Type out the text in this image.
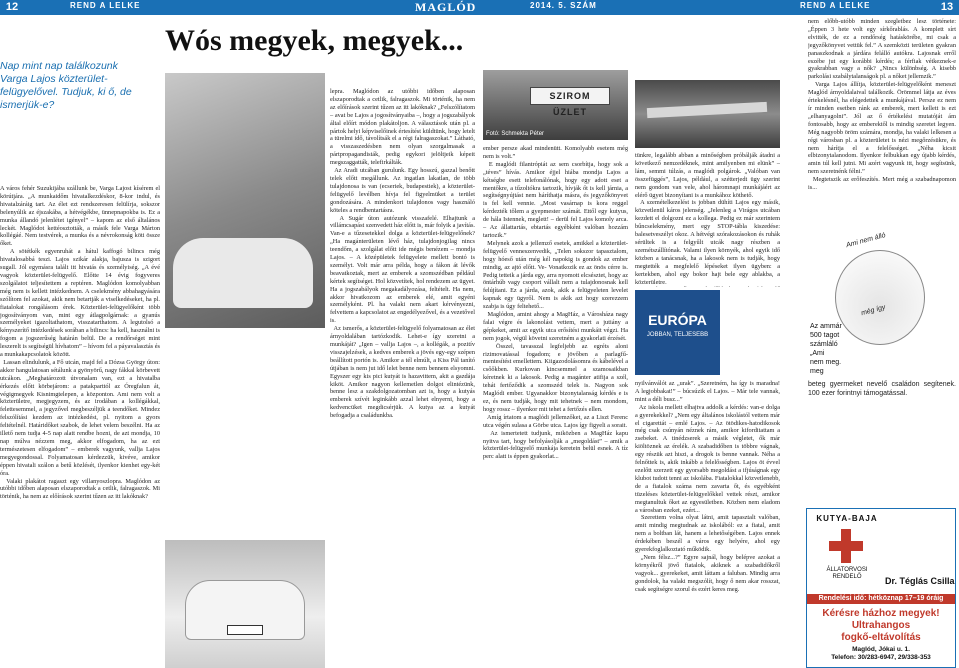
REND A LELKE	2014. 5. SZÁM	REND A LELKE
12	13
MAGLÓD
Wós megyek, megyek...
Nap mint nap találkozunk Varga Lajos közterület-felügyelővel. Tudjuk, ki ő, de ismerjük-e?
A város fehér Suzukijába szállunk be, Varga Lajost kísérem el körútjára. „A munkaidőm hivatalkezdéskor, 8-kor indul, és hivatalzáráig tart. Az élet ezt rendszeresen felülírja, sokszor belenyúlik az éjszakába, a hétvégékbe, ünnepnapokba is. Ez a munka állandó jelenlétet igényel” – kapom az első általános leckét. Maglódot kettéosztották, a másik fele Varga Márton kollégáé. Nem testvérek, a munka és a névrokonság köti össze őket.
A sötétkék egyenruhát a hátul kaffogó bilincs még hivatalosabbá teszi. Lajos szikár alakja, bajusza is szigort sugall. Jól egymásra talált itt hivatás és személyiség. „A évé vagyok közterület-felügyelő. Előtte 14 évig fogyveres szolgálatot teljesítettem a reptéren. Maglódon komolyabban még nem is kellett intézkednem. A cselekmény abbahagyására szólítom fel azokat, akik nem betartják a viselkedéseket, ha pl. fiatalokat rongálásom érek. Közterület-felügyelőként több jogosítványom van, mint egy átlagpolgárnak: a gyanús személyeket igazoltathatom, visszatarthatom. A legutolsó a kényszerítő intézkedések sorában a bilincs: ha kell, használni is fogom a jogszerűség határán belül. De a rendőrséget mint leszerelt is segítségül hívhatom” – hívom fel a páyavalasztás és a munkakapcsolatok között.
Lassan elindulunk, a Fő utcán, majd fel a Dózsa György úton: akkor hangulatosan sétálunk a gyönyörű, nagy fákkal körbevett utcákon. „Meghatározott útvonalam van, ezt a hivatalba érkezés előtt körbejárom: a patakparttól az Óregfalun át, végigmegyek Kisnimgtelepen, a központon. Ami nem volt a közterületre, megjegyzem, és az irodában a kollégákkal, felettesemmel, a jegyzővel megbeszéljük a teendőket. Mindez felszólítási kezdem az intézkedést, pl. nyitom a gyors feltételnél. Határidőket szabok, de lehet velem beszélni. Ha az illető nem tudja 4-5 nap alatt rendbe hozni, de azt mondja, 10 nap múlva nézzem meg, akkor elfogadom, ha az ezt természetesen elfogadom” – emberek vagyunk, vallja Lajos megyegondossal. Folyamatosan kérdezzük, kivéve, amikor éppen hivatali szálon a betű közlését, ilyenkor kienhet egy-két óra.
Valaki plakátot ragaszt egy villanyoszlopra. Maglódon az utóbbi időben alaposan elszaporodtak a cetlik, falragaszok. Mi történik, ha nem az előírások szerint tűzen az itt lakóknak?
lepra. Maglódon az utóbbi időben alaposan elszaporodtak a cetlik, falragaszok. Mi történik, ha nem az előírások szerint tűzen az itt lakóknak? „Felszólítatom – avat be Lajos a jogosítványaiba –, hogy a jogszabályok által előírt módon plakátoljon. A választások után pl. a pártok helyi képviselőinek értesítést küldtünk, hogy letelt a türelmi idő, távolítsák el a régi falragaszokat.” Látható, a visszaszedésben nem olyan szorgalmasak a pártpropagandisták, pedig egykori jelöltjeik képeit megszaggatták, telefirkálták.
Az Aradi utcában gurulunk. Egy hosszú, gazzal benőtt telek előtt megállunk. Az ingatlan lakatlan, de több tulajdonosa is van (ecseriek, budapestiek), a közterület-felügyelő levélben hívja fel figyelmüket a terület gondozására. A mindenkori tulajdonos vagy használó köteles a rendbentartásra.
A Sugár úton autózunk visszafelé. Elhajtunk a villámcsapást szenvedett ház előtt is, már folyik a javítás. Van-e a tűzesetekkel dolga a közterület-felügyelőnek? „Ha magánterületen lévő ház, tulajdonjogilag nincs teendőm, a szolgálat előtt ide mégis benézem – mondja Lajos. – A középületek felügyelete mellett bontó is személyt. Volt már arra példa, hogy a fákon át lévők beavatkoztak, mert az emberek a szomszédban például kértek segítséget. Hol közvetítek, hol rendezem az ügyet. Ha a jogszabályok megakadályozása, feltételt. Ha nem, akkor hivatkozom az emberek elé, amit egyéni személyként. Pl. ha valaki nem akart kérvényezni, felvettem a kapcsolatot az engedélyezővel, és a vezetővel is.
Az ismerős, a közterület-felügyelő folyamatosan az élet árnyoldalában tartózkodik. Lehet-e így szeretni a munkáját? „Igen – vallja Lajos –, a kollégák, a pozitív visszajelzések, a kedves emberek a jövés egy-egy szépen beállított portón is. Amikor a tél elmúlt, a Kiss Pál tanító útjában is nem jut idő lelet benne nem bennem elsyomni. Egyszer egy kis pici kutyát is hazavittem, akit a gazdája kiköt. Amikor nagyon kellemetlen dolgot elintézünk, benne lesz a szakdolgozatomban azt is, hogy a kutyás emberek szívét leginkább azzal lehet elnyerni, hogy a kedvencüket megdicsérjük. A kutya az a kutyát befogadja a családunkba.
SZIROM ÜZLET
Fotó: Schmekta Péter
ember persze akad mindenütt. Komolyabb esetem még nem is volt.”
E maglódi filantrópiát az sem csorbítja, hogy sok a „téves” hívás. Amikor éjjel hiába mondja Lajos a kétségbe esett telefonálónak, hogy egy adott eset a mentőkre, a tűzoltókra tartozik, hívják őt is kell járnia, a segítségnyújtást nem háríthatja másra, és jegyzőkönyvet is fel kell vennie. „Most vasárnap is kora reggel kérdezték tőlem a gyepmester számát. Ettől egy kutyus, de hála Istennek, meglett! – derül fel Lajos komoly arca. – Az állattartás, ebtartás egyébként valóban hozzám tartozik.”
Melynek azok a jellemző esetek, amikkel a közterület-felügyelő venneszenvedik, „Telen sokszor tapasztalom, hogy hóeső után még kél napokig is gondok az ember mindig, az ajtó előtt. Ve- Vonatkozik ez az önös cérre is. Pedig tetteik a járda egy, arra nyomott elcsésztet, hogy az öntárhúb vagy csoport vállalt nem a tulajdonosnak kell felújítani. Ez a járda, azok, akik a felügyeleten levelet kapnak egy ügyről. Nem is akik azt hogy szerezzem szabja is úgy feltehető...
Maglódon, amint ahogy a MagHáz, a Városháza nagy falai végre és lakonolást vettem, mert a jutiány a gépkeket, amit az egyik utca erősítési munkáit végzi. Ha nem jogok, végül követni szeretném a gyakorlati érzését.
Összel, tavasszal legfeljebb az egréts aloni rizimovatással fogadom; e jövőben a parlagfű-mentesítést emellettem. Kiigazodolásomra és kábelével a csőőkben. Kurkovan kincsemmel a szamosaikban kéretnek ki a lakosok. Pedig a magánter atifija a szél, tehát fertőződik a szomszéd telek is. Nagyon sok Maglódi ember. Ugyanakkor bizonytalanság kérdés e is ez, és nem tudják, hogy mit tehetnek – nem mondom, hogy rossz – ilyenkor mit tehet a fertőzés ellen.
Amíg írtatom a maglódi jellemzőket, az a Liszt Ferenc utca végén sulasa a Görbe utca. Lajos így figyeli a sorait.
Az ismertetett tudjunk, miközben a MagHáz kapu nyitva tart, hogy befolyásolják a „megoldást” – amik a közterület-felügyelő munkája keretein belül esnek. A tíz perc alatt is éppen gyakorlat...
tünkre, legalább abban a minőségben próbálják átadni a következő nemzedéknek, mint amilyenben mi elünk” – lám, semmi túlzás, a maglódi polgárok. „Valóban van összefüggés”, Lajos, például, a szétterjedt ügy szerint nem gondom van vele, ahol háromnapi munkájáért az elérő ügyet bizonyítani is a munkához köthető.
A szemételkezelést is jobban dühíti Lajos egy másik, közvetlenül káros jelenség. „Jelenleg a Virágos utcában kezdett el dolgozni ez a kollega. Pedig ez már szerintem bűncselekmény, mert egy STOP-tábla kiszedése: balesetveszélyt okoz. A hétvégi szórakozásokon és ruhák sérültek is a felgyűlt utcák nagy részben a szemétszállítónak. Valami ilyen környék, ahol egyik idő közben a tanácsnak, ha a lakosok nem is tudják, hogy megtették a megfelelő lépéseket ilyen ügyben: a kertekben, ahol egy bokor hajt bele egy ablakba, a közterületre.

EURÓPA
JOBBAN, TELJESEBB
nyilvánválót az „urak”. „Szeretném, ha így is maradna! A legjobbakat!” – búcsúzik el Lajos. – Már tele vannak, mint a déli busz...”
Az iskola mellett elhajtva addolk a kérdés: van-e dolga a gyerekekkel? „Nem egy általános iskolástól vettem már el cigarettát – emlé Lajos. – Az ötödikes-hatodikosok még csak csúnyán néznek rám, amikor kiforditattam a zsebeket. A tinédzserek a másik végletet, ők már kiöltöznek az érelék. A szabadidőben is többre vágnak, egy részük azt hiszi, a drogok is benne vannak. Néha a felnőttek is, akik inkább a felelősségben. Lajos öt évvel ezelőtt szerzett egy gyorsabb megoldást a ifjúságnak egy klubot tudott tenni az iskolába. Fiatalokkal közvetlenebb, de a fiatalok száma nem zavarta őt, és egyébként tüzeléses közterület-felügyelőkkel vettek részt, amikor megtanultuk őket az egyesületben. Közben nem eladom a városban ezeket, ezért...
Szerettem volna olyat látni, amit tapasztalt valóban, amit mindig megtudnak az iskolából: ez a fiatal, amit nem a boltban lát, hanem a lehetőségében. Lajos ennek érdekében beszél a város egy helyére, ahol egy gyerekfoglalkoztató működik.
„Nem félsz...?” Egyre sajnál, hogy belépve azokat a környékről jövő fiatalok, akiknek a szabadidőkről vagyok... gyerekeket, amit láttam a faluban. Mindig arra gondolok, ha valaki megszólít, hogy ő nem akar rosszat, csak segítségre szorul és ezért keres meg.
nem előbb-utóbb minden szegletbez lesz története: „Éppen 3 hete volt egy sírkőrablás. A komplett sírt elvitték, de ez a rendőrség hatáskörébe, mi csak a jegyzőkönyvet vettük fel.” A szemközti területen gyakran panaszkodnak a járdára felálló autókra. Lajosnak erről eszébe jut egy korábbi kérdés; a férfiak vétkeznek-e gyakrabban vagy a nők? „Nincs különbség. A kisebb parkolási szabálytalanságok pl. a nőket jellemzik.”
Varga Lajos állítja, közterület-felügyelőként meneszt Maglód árnyoldalaival találkozik. Örömmel látja az éves értekelésnél, ha elégedettek a munkájával. Persze ez nem ír minden esetben ránk az emberek, mert kellett is ezt „elhanyagolni”. Jól az ő értékelési mutatóját ám fontosabb, hogy az emberektől is mindig szeretet legyen. Még nagyobb öröm számára, mondja, ha valaki lelkesen a régi városban pl. a közterületet is nézi megőrzésükre, és nem hárítja el a felelősséget. „Néha kicsit elbizonytalanodom. Ilyenkor felbukkan egy újabb kérdés, amin túl kell jutni. Mi azért vagyunk itt, hogy segítsünk, nem szeretnénk félni.”
Megtetszik az erőfeszítés. Mert még a szabadnapomon is...
Ami nem álló
még így
Az ammár
500 tagot
számláló
„Ami
nem meg.
meg
beteg gyermeket nevelő családon segítenek. 100 ezer forintnyi támogatással.
KUTYA-BAJA
ÁLLATORVOSI
RENDELŐ	Dr. Téglás Csilla
Rendelési idő: hétköznap 17–19 óráig
Kérésre házhoz megyek!
Ultrahangos
fogkő-eltávolítás
Maglód, Jókai u. 1.
Telefon: 30/283-6947, 29/338-353
